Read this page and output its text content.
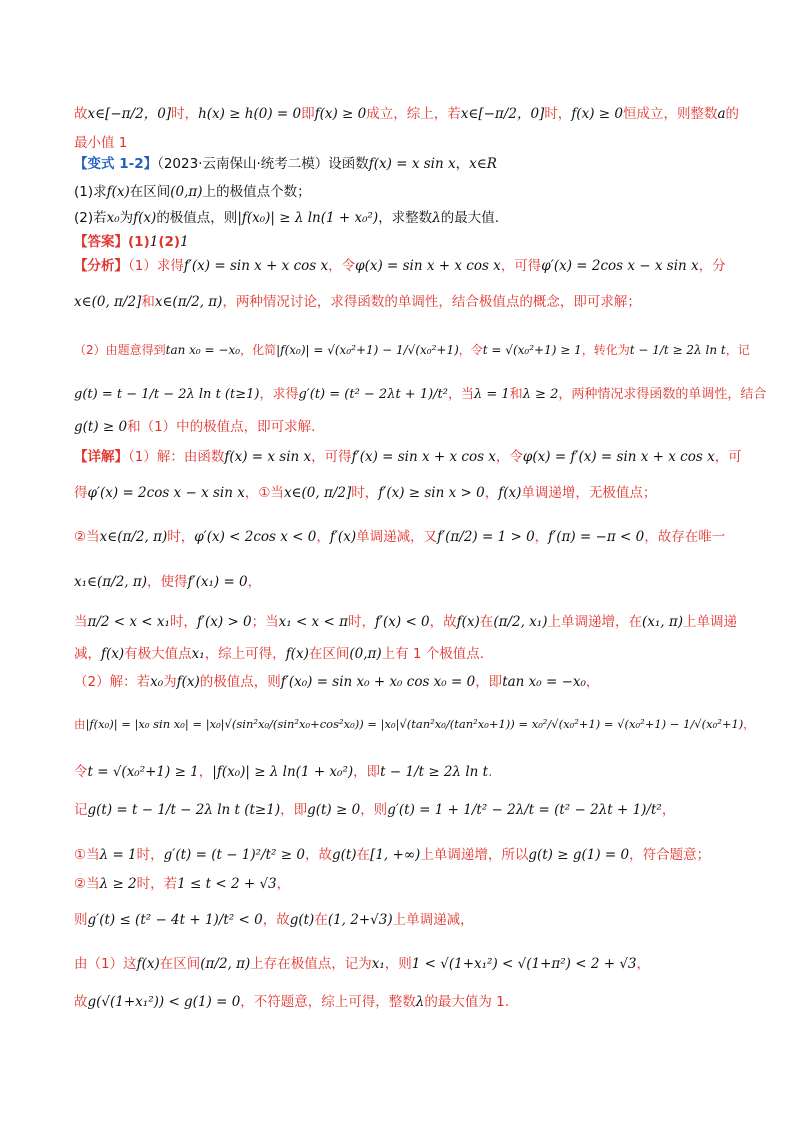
故x∈[−π/2，0]时，h(x) ≥ h(0) = 0即f(x) ≥ 0成立，综上，若x∈[−π/2，0]时，f(x) ≥ 0恒成立，则整数a的
最小值 1
【变式 1-2】（2023·云南保山·统考二模）设函数f(x) = x sin x，x∈R
(1)求f(x)在区间(0,π)上的极值点个数；
(2)若x₀为f(x)的极值点，则|f(x₀)| ≥ λ ln(1 + x₀²)，求整数λ的最大值.
【答案】(1)1(2)1
【分析】（1）求得f′(x) = sin x + x cos x，令φ(x) = sin x + x cos x，可得φ′(x) = 2cos x − x sin x，分
x∈(0, π/2]和x∈(π/2, π)，两种情况讨论，求得函数的单调性，结合极值点的概念，即可求解；
（2）由题意得到tan x₀ = −x₀，化简|f(x₀)| = √(x₀²+1) − 1/√(x₀²+1)，令t = √(x₀²+1) ≥ 1，转化为t − 1/t ≥ 2λ ln t，记
g(t) = t − 1/t − 2λ ln t (t≥1)，求得g′(t) = (t² − 2λt + 1)/t²，当λ = 1和λ ≥ 2，两种情况求得函数的单调性，结合
g(t) ≥ 0和（1）中的极值点，即可求解.
【详解】（1）解：由函数f(x) = x sin x，可得f′(x) = sin x + x cos x，令φ(x) = f′(x) = sin x + x cos x，可
得φ′(x) = 2cos x − x sin x，①当x∈(0, π/2]时，f′(x) ≥ sin x > 0，f(x)单调递增，无极值点；
②当x∈(π/2, π)时，φ′(x) < 2cos x < 0，f′(x)单调递减，又f′(π/2) = 1 > 0，f′(π) = −π < 0，故存在唯一
x₁∈(π/2, π)，使得f′(x₁) = 0，
当π/2 < x < x₁时，f′(x) > 0；当x₁ < x < π时，f′(x) < 0，故f(x)在(π/2, x₁)上单调递增，在(x₁, π)上单调递
减，f(x)有极大值点x₁，综上可得，f(x)在区间(0,π)上有 1 个极值点.
（2）解：若x₀为f(x)的极值点，则f′(x₀) = sin x₀ + x₀ cos x₀ = 0，即tan x₀ = −x₀，
由|f(x₀)| = |x₀ sin x₀| = |x₀|√(sin²x₀/(sin²x₀+cos²x₀)) = |x₀|√(tan²x₀/(tan²x₀+1)) = x₀²/√(x₀²+1) = √(x₀²+1) − 1/√(x₀²+1)，
令t = √(x₀²+1) ≥ 1，|f(x₀)| ≥ λ ln(1 + x₀²)，即t − 1/t ≥ 2λ ln t.
记g(t) = t − 1/t − 2λ ln t (t≥1)，即g(t) ≥ 0，则g′(t) = 1 + 1/t² − 2λ/t = (t² − 2λt + 1)/t²，
①当λ = 1时，g′(t) = (t − 1)²/t² ≥ 0，故g(t)在[1, +∞)上单调递增，所以g(t) ≥ g(1) = 0，符合题意；
②当λ ≥ 2时，若1 ≤ t < 2 + √3，
则g′(t) ≤ (t² − 4t + 1)/t² < 0，故g(t)在(1, 2+√3)上单调递减，
由（1）这f(x)在区间(π/2, π)上存在极值点，记为x₁，则1 < √(1+x₁²) < √(1+π²) < 2 + √3，
故g(√(1+x₁²)) < g(1) = 0，不符题意，综上可得，整数λ的最大值为 1.
